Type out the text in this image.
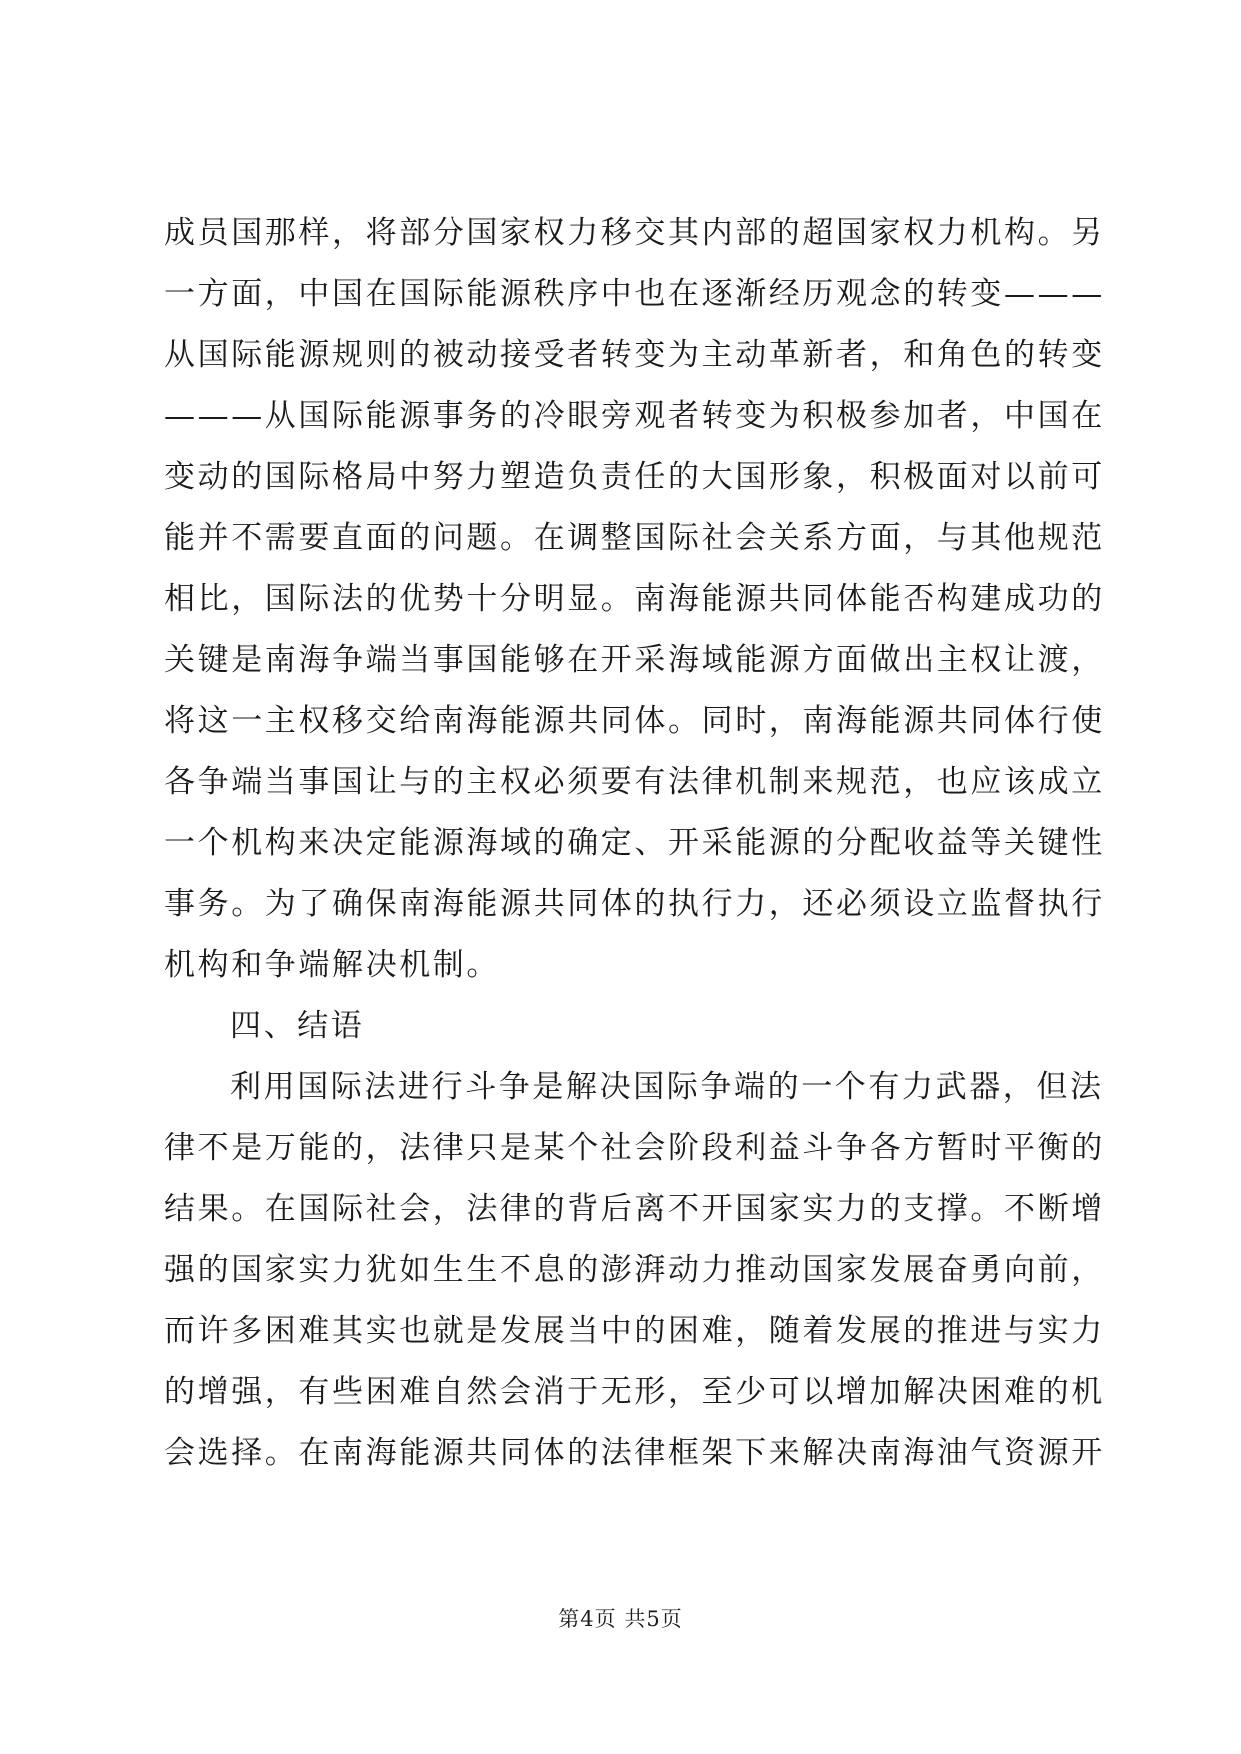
成员国那样，将部分国家权力移交其内部的超国家权力机构。另
一方面，中国在国际能源秩序中也在逐渐经历观念的转变———
从国际能源规则的被动接受者转变为主动革新者，和角色的转变
———从国际能源事务的冷眼旁观者转变为积极参加者，中国在
变动的国际格局中努力塑造负责任的大国形象，积极面对以前可
能并不需要直面的问题。在调整国际社会关系方面，与其他规范
相比，国际法的优势十分明显。南海能源共同体能否构建成功的
关键是南海争端当事国能够在开采海域能源方面做出主权让渡，
将这一主权移交给南海能源共同体。同时，南海能源共同体行使
各争端当事国让与的主权必须要有法律机制来规范，也应该成立
一个机构来决定能源海域的确定、开采能源的分配收益等关键性
事务。为了确保南海能源共同体的执行力，还必须设立监督执行
机构和争端解决机制。
四、结语
利用国际法进行斗争是解决国际争端的一个有力武器，但法
律不是万能的，法律只是某个社会阶段利益斗争各方暂时平衡的
结果。在国际社会，法律的背后离不开国家实力的支撑。不断增
强的国家实力犹如生生不息的澎湃动力推动国家发展奋勇向前，
而许多困难其实也就是发展当中的困难，随着发展的推进与实力
的增强，有些困难自然会消于无形，至少可以增加解决困难的机
会选择。在南海能源共同体的法律框架下来解决南海油气资源开
第4页 共5页
